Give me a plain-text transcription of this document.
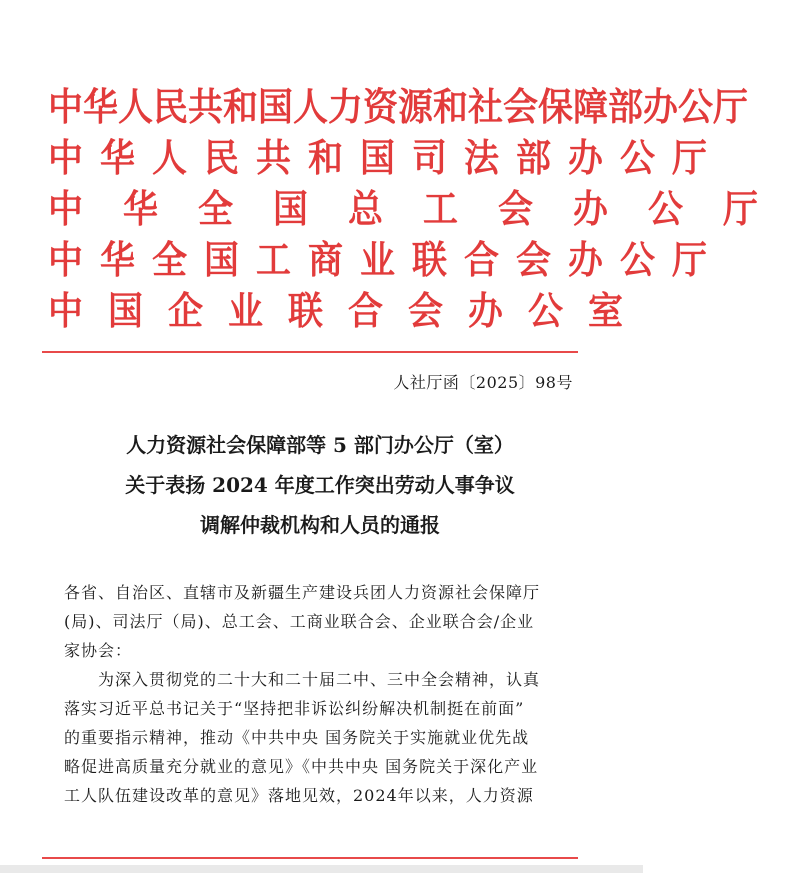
中华人民共和国人力资源和社会保障部办公厅
中华人民共和国司法部办公厅
中华全国总工会办公厅
中华全国工商业联合会办公厅
中国企业联合会办公室
人社厅函〔2025〕98号
人力资源社会保障部等 5 部门办公厅（室）
关于表扬 2024 年度工作突出劳动人事争议
调解仲裁机构和人员的通报

各省、自治区、直辖市及新疆生产建设兵团人力资源社会保障厅

(局)、司法厅（局)、总工会、工商业联合会、企业联合会/企业

家协会：

为深入贯彻党的二十大和二十届二中、三中全会精神，认真

落实习近平总书记关于“坚持把非诉讼纠纷解决机制挺在前面”

的重要指示精神，推动《中共中央 国务院关于实施就业优先战

略促进高质量充分就业的意见》《中共中央 国务院关于深化产业

工人队伍建设改革的意见》落地见效，2024年以来，人力资源
